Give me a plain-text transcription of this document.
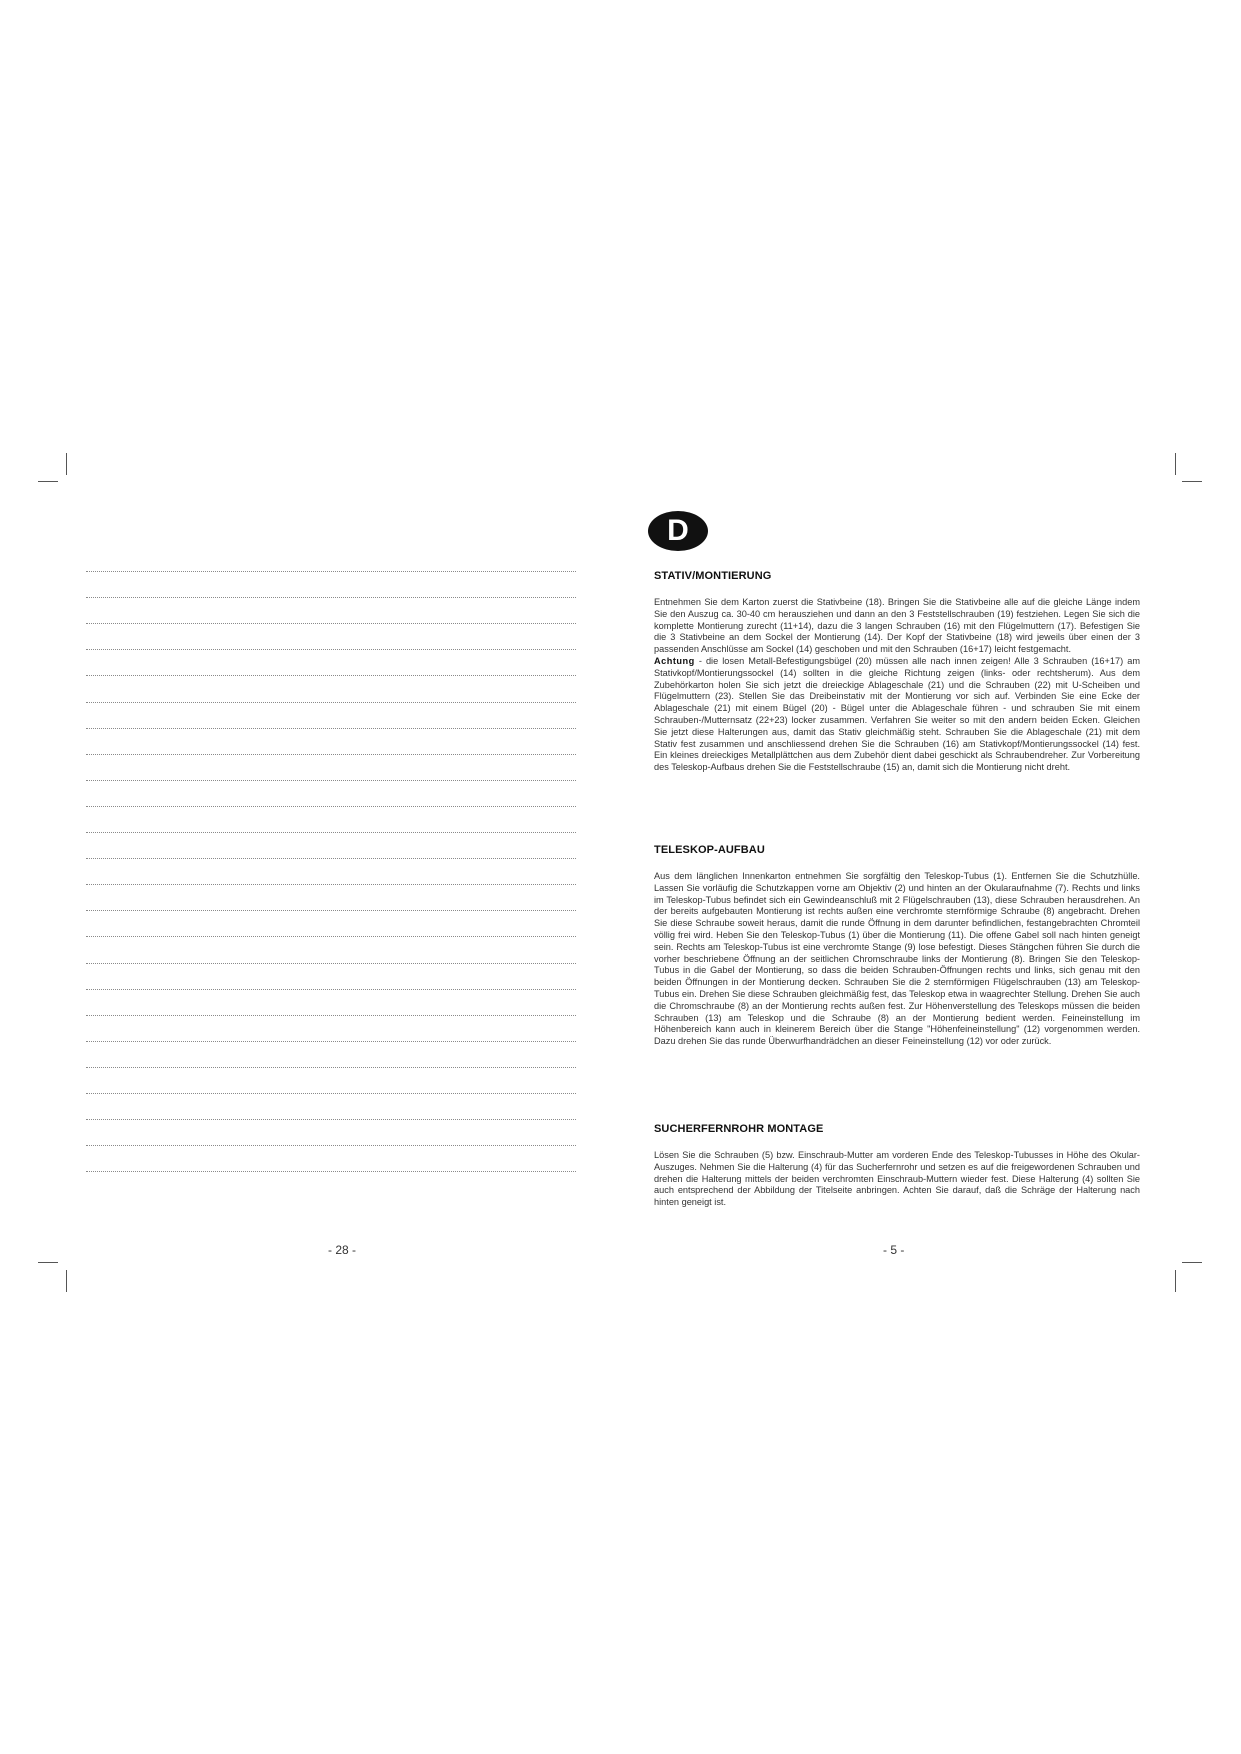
- 28 -
D

STATIV/MONTIERUNG

Entnehmen Sie dem Karton zuerst die Stativbeine (18). Bringen Sie die Stativbeine alle auf die gleiche Länge indem Sie den Auszug ca. 30-40 cm herausziehen und dann an den 3 Feststellschrauben (19) festziehen. Legen Sie sich die komplette Montierung zurecht (11+14), dazu die 3 langen Schrauben (16) mit den Flügelmuttern (17). Befestigen Sie die 3 Stativbeine an dem Sockel der Montierung (14). Der Kopf der Stativbeine (18) wird jeweils über einen der 3 passenden Anschlüsse am Sockel (14) geschoben und mit den Schrauben (16+17) leicht festgemacht.

Achtung - die losen Metall-Befestigungsbügel (20) müssen alle nach innen zeigen! Alle 3 Schrauben (16+17) am Stativkopf/Montierungssockel (14) sollten in die gleiche Richtung zeigen (links- oder rechtsherum). Aus dem Zubehörkarton holen Sie sich jetzt die dreieckige Ablageschale (21) und die Schrauben (22) mit U-Scheiben und Flügelmuttern (23). Stellen Sie das Dreibeinstativ mit der Montierung vor sich auf. Verbinden Sie eine Ecke der Ablageschale (21) mit einem Bügel (20) - Bügel unter die Ablageschale führen - und schrauben Sie mit einem Schrauben-/Mutternsatz (22+23) locker zusammen. Verfahren Sie weiter so mit den andern beiden Ecken. Gleichen Sie jetzt diese Halterungen aus, damit das Stativ gleichmäßig steht. Schrauben Sie die Ablageschale (21) mit dem Stativ fest zusammen und anschliessend drehen Sie die Schrauben (16) am Stativkopf/Montierungssockel (14) fest. Ein kleines dreieckiges Metallplättchen aus dem Zubehör dient dabei geschickt als Schraubendreher. Zur Vorbereitung des Teleskop-Aufbaus drehen Sie die Feststellschraube (15) an, damit sich die Montierung nicht dreht.

TELESKOP-AUFBAU

Aus dem länglichen Innenkarton entnehmen Sie sorgfältig den Teleskop-Tubus (1). Entfernen Sie die Schutzhülle. Lassen Sie vorläufig die Schutzkappen vorne am Objektiv (2) und hinten an der Okularaufnahme (7). Rechts und links im Teleskop-Tubus befindet sich ein Gewindeanschluß mit 2 Flügelschrauben (13), diese Schrauben herausdrehen. An der bereits aufgebauten Montierung ist rechts außen eine verchromte sternförmige Schraube (8) angebracht. Drehen Sie diese Schraube soweit heraus, damit die runde Öffnung in dem darunter befindlichen, festangebrachten Chromteil völlig frei wird. Heben Sie den Teleskop-Tubus (1) über die Montierung (11). Die offene Gabel soll nach hinten geneigt sein. Rechts am Teleskop-Tubus ist eine verchromte Stange (9) lose befestigt. Dieses Stängchen führen Sie durch die vorher beschriebene Öffnung an der seitlichen Chromschraube links der Montierung (8). Bringen Sie den Teleskop-Tubus in die Gabel der Montierung, so dass die beiden Schrauben-Öffnungen rechts und links, sich genau mit den beiden Öffnungen in der Montierung decken. Schrauben Sie die 2 sternförmigen Flügelschrauben (13) am Teleskop-Tubus ein. Drehen Sie diese Schrauben gleichmäßig fest, das Teleskop etwa in waagrechter Stellung. Drehen Sie auch die Chromschraube (8) an der Montierung rechts außen fest. Zur Höhenverstellung des Teleskops müssen die beiden Schrauben (13) am Teleskop und die Schraube (8) an der Montierung bedient werden. Feineinstellung im Höhenbereich kann auch in kleinerem Bereich über die Stange "Höhenfeineinstellung" (12) vorgenommen werden. Dazu drehen Sie das runde Überwurfhandrädchen an dieser Feineinstellung (12) vor oder zurück.

SUCHERFERNROHR MONTAGE

Lösen Sie die Schrauben (5) bzw. Einschraub-Mutter am vorderen Ende des Teleskop-Tubusses in Höhe des Okular-Auszuges. Nehmen Sie die Halterung (4) für das Sucherfernrohr und setzen es auf die freigewordenen Schrauben und drehen die Halterung mittels der beiden verchromten Einschraub-Muttern wieder fest. Diese Halterung (4) sollten Sie auch entsprechend der Abbildung der Titelseite anbringen. Achten Sie darauf, daß die Schräge der Halterung nach hinten geneigt ist.

- 5 -
